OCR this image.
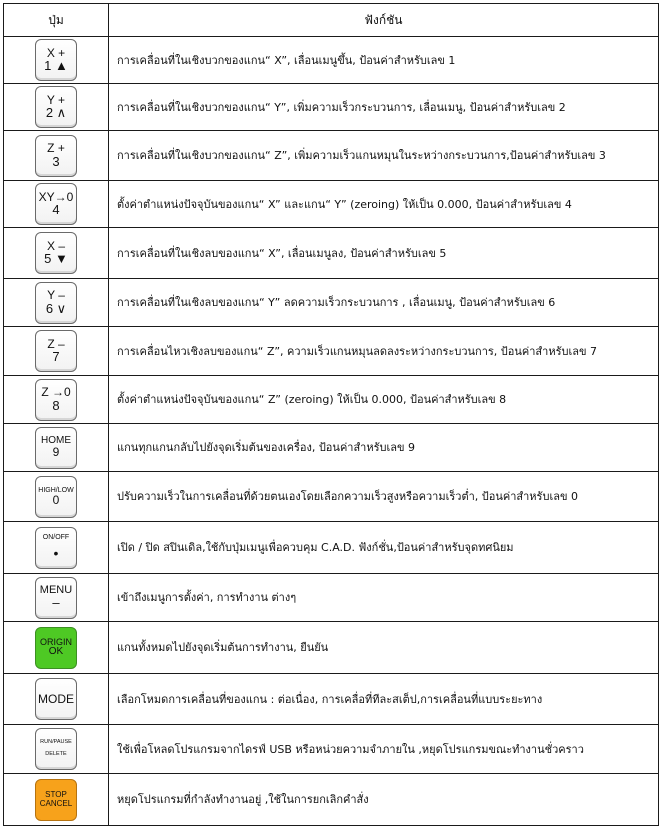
ปุ่ม	ฟังก์ชัน
X +
1 ▲	การเคลื่อนที่ในเชิงบวกของแกน“ X”, เลื่อนเมนูขึ้น, ป้อนค่าสำหรับเลข 1
Y +
2 ∧	การเคลื่อนที่ในเชิงบวกของแกน“ Y”, เพิ่มความเร็วกระบวนการ, เลื่อนเมนู, ป้อนค่าสำหรับเลข 2
Z +
3	การเคลื่อนที่ในเชิงบวกของแกน“ Z”, เพิ่มความเร็วแกนหมุนในระหว่างกระบวนการ,ป้อนค่าสำหรับเลข 3
XY→0
4	ตั้งค่าตำแหน่งปัจจุบันของแกน“ X” และแกน“ Y” (zeroing) ให้เป็น 0.000, ป้อนค่าสำหรับเลข 4
X –
5 ▼	การเคลื่อนที่ในเชิงลบของแกน“ X”, เลื่อนเมนูลง, ป้อนค่าสำหรับเลข 5
Y –
6 ∨	การเคลื่อนที่ในเชิงลบของแกน“ Y” ลดความเร็วกระบวนการ , เลื่อนเมนู, ป้อนค่าสำหรับเลข 6
Z –
7	การเคลื่อนไหวเชิงลบของแกน“ Z”, ความเร็วแกนหมุนลดลงระหว่างกระบวนการ, ป้อนค่าสำหรับเลข 7
Z →0
8	ตั้งค่าตำแหน่งปัจจุบันของแกน“ Z” (zeroing) ให้เป็น 0.000, ป้อนค่าสำหรับเลข 8
HOME
9	แกนทุกแกนกลับไปยังจุดเริ่มต้นของเครื่อง, ป้อนค่าสำหรับเลข 9
HIGH/LOW
0	ปรับความเร็วในการเคลื่อนที่ด้วยตนเองโดยเลือกความเร็วสูงหรือความเร็วต่ำ, ป้อนค่าสำหรับเลข 0
ON/OFF
•	เปิด / ปิด สปินเดิล,ใช้กับปุ่มเมนูเพื่อควบคุม C.A.D. ฟังก์ชั่น,ป้อนค่าสำหรับจุดทศนิยม
MENU
–	เข้าถึงเมนูการตั้งค่า, การทำงาน ต่างๆ
ORIGIN
OK	แกนทั้งหมดไปยังจุดเริ่มต้นการทำงาน, ยืนยัน
MODE	เลือกโหมดการเคลื่อนที่ของแกน : ต่อเนื่อง, การเคลื่อที่ทีละสเต็ป,การเคลื่อนที่แบบระยะทาง
RUN/PAUSE
DELETE	ใช้เพื่อโหลดโปรแกรมจากไดรฟ์ USB หรือหน่วยความจำภายใน ,หยุดโปรแกรมขณะทำงานชั่วคราว
STOP
CANCEL	หยุดโปรแกรมที่กำลังทำงานอยู่ ,ใช้ในการยกเลิกคำสั่ง
